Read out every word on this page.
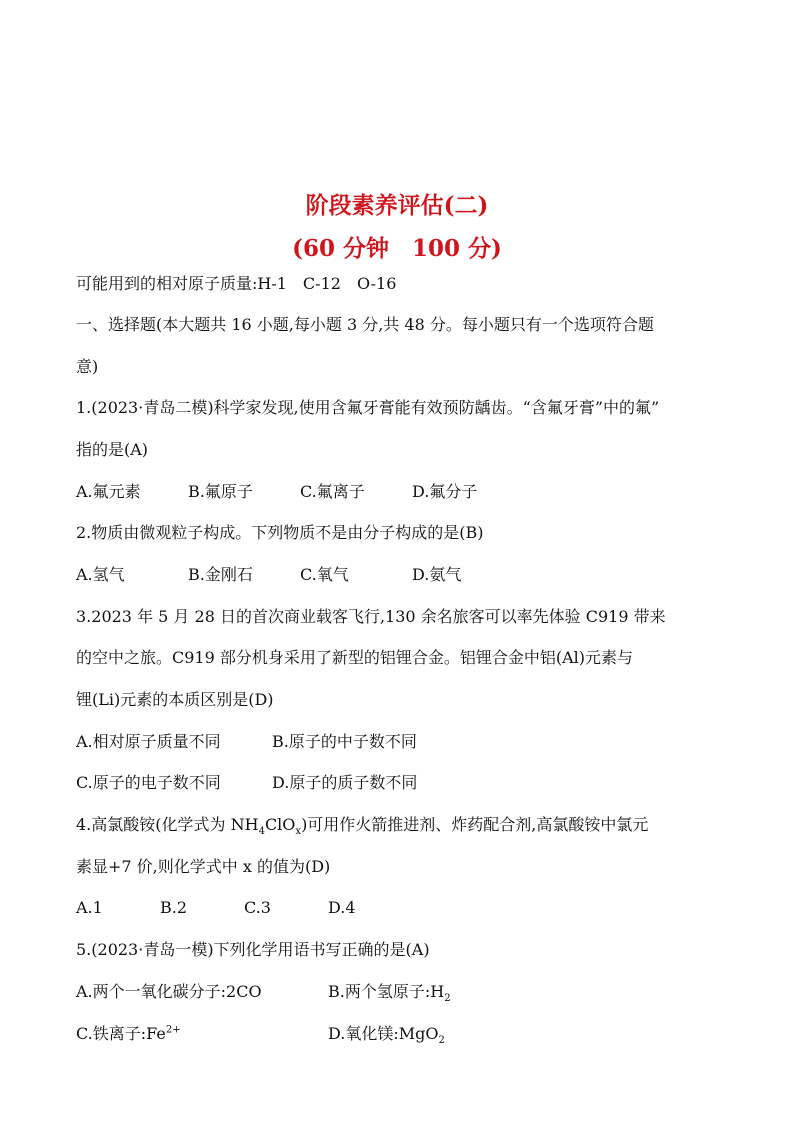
阶段素养评估(二)
(60 分钟　100 分)
可能用到的相对原子质量:H-1　C-12　O-16
一、选择题(本大题共 16 小题,每小题 3 分,共 48 分。每小题只有一个选项符合题
意)
1.(2023·青岛二模)科学家发现,使用含氟牙膏能有效预防龋齿。“含氟牙膏”中的氟”
指的是(A)
A.氟元素	B.氟原子	C.氟离子	D.氟分子
2.物质由微观粒子构成。下列物质不是由分子构成的是(B)
A.氢气	B.金刚石	C.氧气	D.氨气
3.2023 年 5 月 28 日的首次商业载客飞行,130 余名旅客可以率先体验 C919 带来
的空中之旅。C919 部分机身采用了新型的铝锂合金。铝锂合金中铝(Al)元素与
锂(Li)元素的本质区别是(D)
A.相对原子质量不同	B.原子的中子数不同
C.原子的电子数不同	D.原子的质子数不同
4.高氯酸铵(化学式为 $NH_4ClO_x$)可用作火箭推进剂、炸药配合剂,高氯酸铵中氯元
素显+7 价,则化学式中 x 的值为(D)
A.1	B.2	C.3	D.4
5.(2023·青岛一模)下列化学用语书写正确的是(A)
A.两个一氧化碳分子:2CO	B.两个氢原子$:H_2$
C.铁离子$:Fe^{2+}$	D.氧化镁:MgO$_2$
